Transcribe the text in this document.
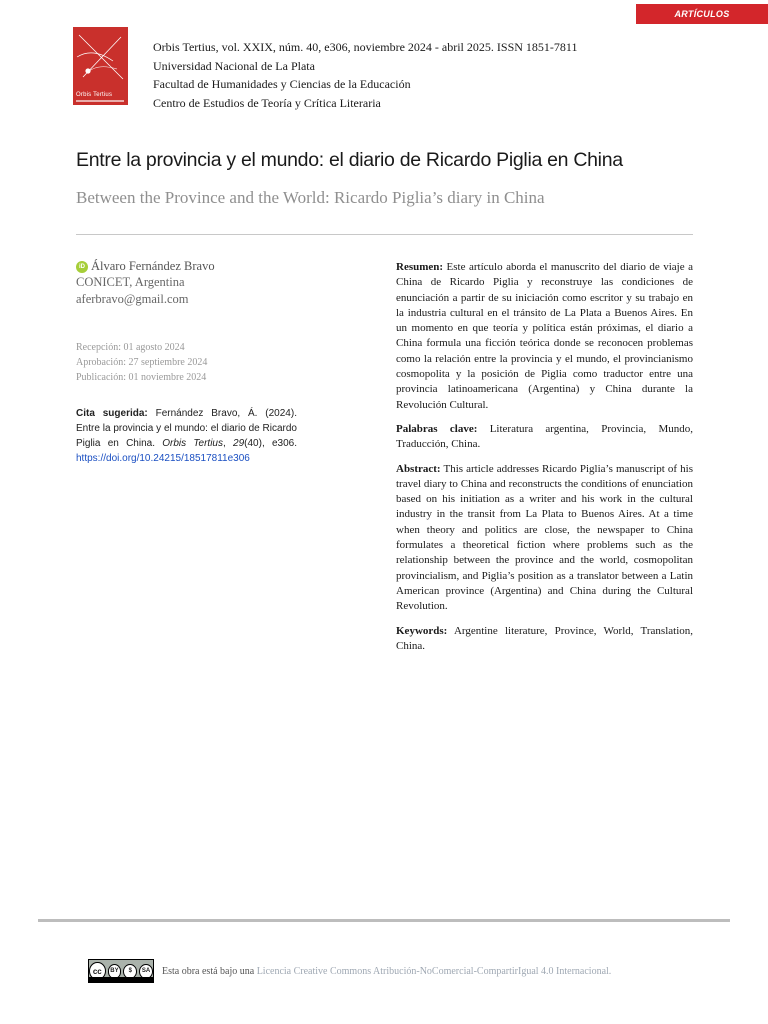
ARTÍCULOS
Orbis Tertius
Orbis Tertius, vol. XXIX, núm. 40, e306, noviembre 2024 - abril 2025. ISSN 1851-7811
Universidad Nacional de La Plata
Facultad de Humanidades y Ciencias de la Educación
Centro de Estudios de Teoría y Crítica Literaria
Entre la provincia y el mundo: el diario de Ricardo Piglia en China
Between the Province and the World: Ricardo Piglia’s diary in China
iD Álvaro Fernández Bravo
CONICET, Argentina
aferbravo@gmail.com
Recepción: 01 agosto 2024
Aprobación: 27 septiembre 2024
Publicación: 01 noviembre 2024
Cita sugerida: Fernández Bravo, Á. (2024). Entre la provincia y el mundo: el diario de Ricardo Piglia en China. Orbis Tertius, 29(40), e306. https://doi.org/10.24215/18517811e306

Resumen: Este artículo aborda el manuscrito del diario de viaje a China de Ricardo Piglia y reconstruye las condiciones de enunciación a partir de su iniciación como escritor y su trabajo en la industria cultural en el tránsito de La Plata a Buenos Aires. En un momento en que teoría y política están próximas, el diario a China formula una ficción teórica donde se reconocen problemas como la relación entre la provincia y el mundo, el provincianismo cosmopolita y la posición de Piglia como traductor entre una provincia latinoamericana (Argentina) y China durante la Revolución Cultural.

Palabras clave: Literatura argentina, Provincia, Mundo, Traducción, China.

Abstract: This article addresses Ricardo Piglia’s manuscript of his travel diary to China and reconstructs the conditions of enunciation based on his initiation as a writer and his work in the cultural industry in the transit from La Plata to Buenos Aires. At a time when theory and politics are close, the newspaper to China formulates a theoretical fiction where problems such as the relationship between the province and the world, cosmopolitan provincialism, and Piglia’s position as a translator between a Latin American province (Argentina) and China during the Cultural Revolution.

Keywords: Argentine literature, Province, World, Translation, China.

cc	BY	$	SA Esta obra está bajo una Licencia Creative Commons Atribución-NoComercial-CompartirIgual 4.0 Internacional.
